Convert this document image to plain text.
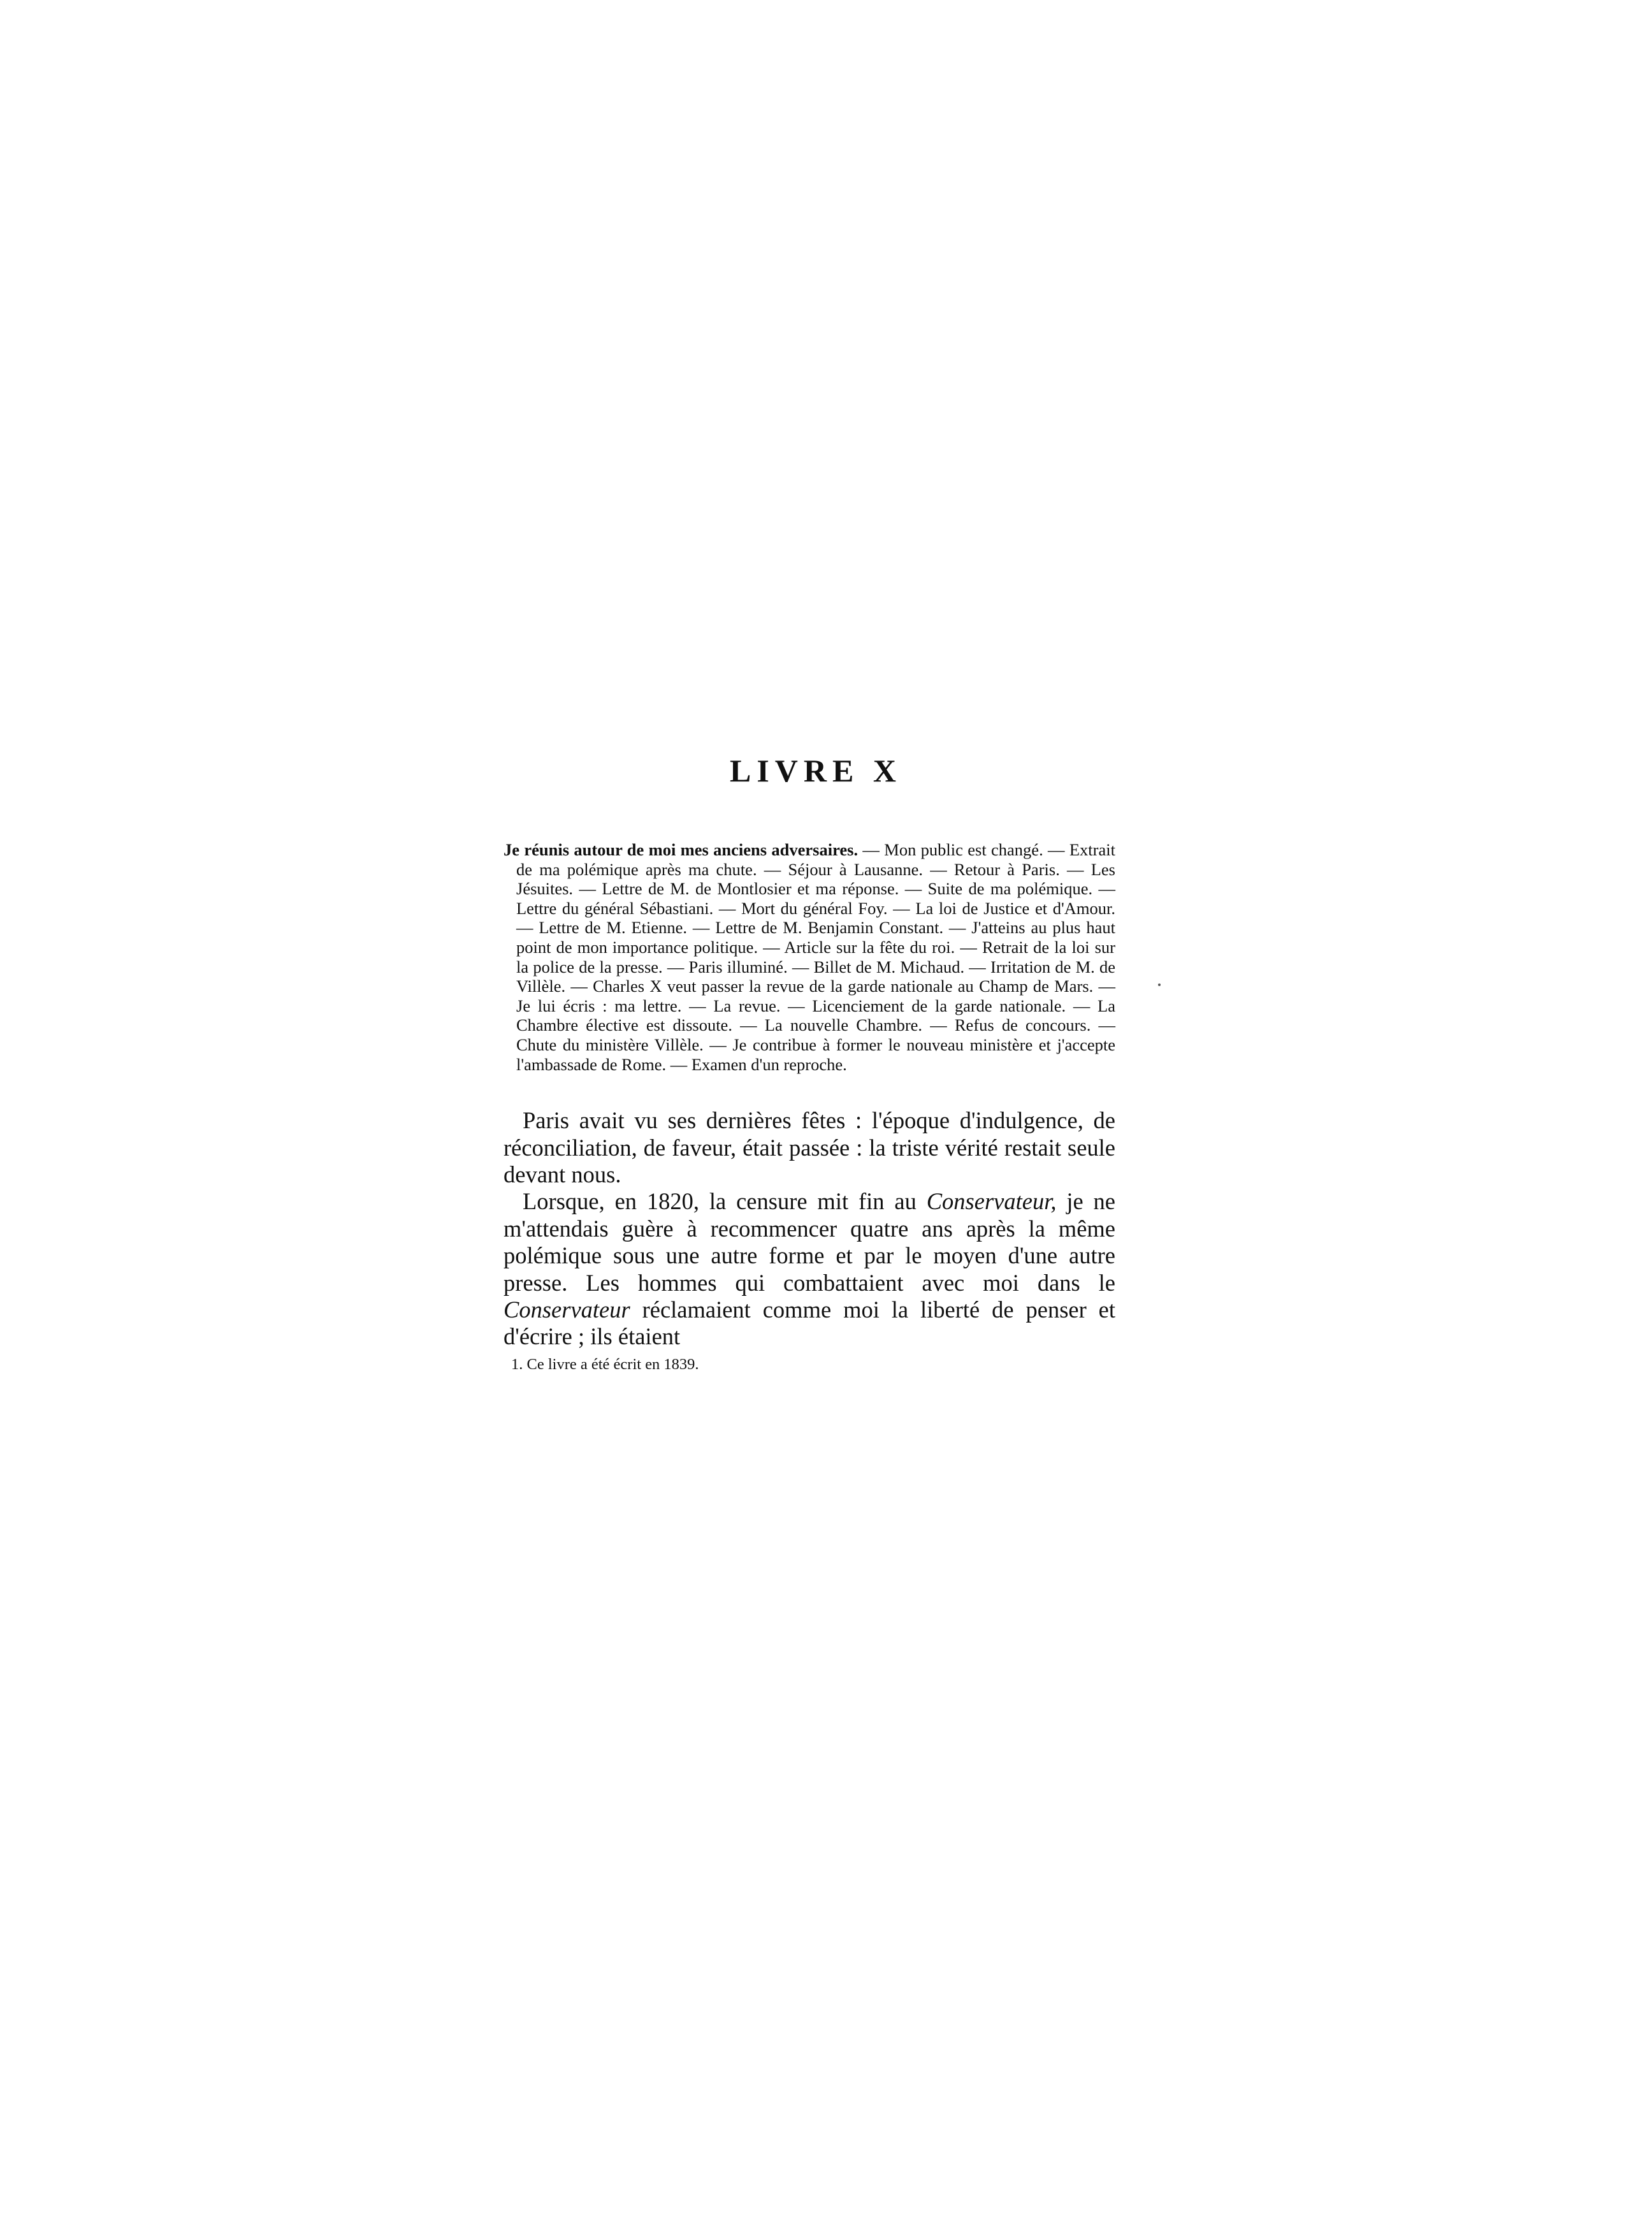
LIVRE X

Je réunis autour de moi mes anciens adversaires. — Mon public est changé. — Extrait de ma polémique après ma chute. — Séjour à Lausanne. — Retour à Paris. — Les Jésuites. — Lettre de M. de Montlosier et ma réponse. — Suite de ma polémique. — Lettre du général Sébastiani. — Mort du général Foy. — La loi de Justice et d'Amour. — Lettre de M. Etienne. — Lettre de M. Benjamin Constant. — J'atteins au plus haut point de mon importance politique. — Article sur la fête du roi. — Retrait de la loi sur la police de la presse. — Paris illuminé. — Billet de M. Michaud. — Irritation de M. de Villèle. — Charles X veut passer la revue de la garde nationale au Champ de Mars. — Je lui écris : ma lettre. — La revue. — Licenciement de la garde nationale. — La Chambre élective est dissoute. — La nouvelle Chambre. — Refus de concours. — Chute du ministère Villèle. — Je contribue à former le nouveau ministère et j'accepte l'ambassade de Rome. — Examen d'un reproche.

Paris avait vu ses dernières fêtes : l'époque d'indulgence, de réconciliation, de faveur, était passée : la triste vérité restait seule devant nous.

Lorsque, en 1820, la censure mit fin au Conservateur, je ne m'attendais guère à recommencer quatre ans après la même polémique sous une autre forme et par le moyen d'une autre presse. Les hommes qui combattaient avec moi dans le Conservateur réclamaient comme moi la liberté de penser et d'écrire ; ils étaient

1. Ce livre a été écrit en 1839.
